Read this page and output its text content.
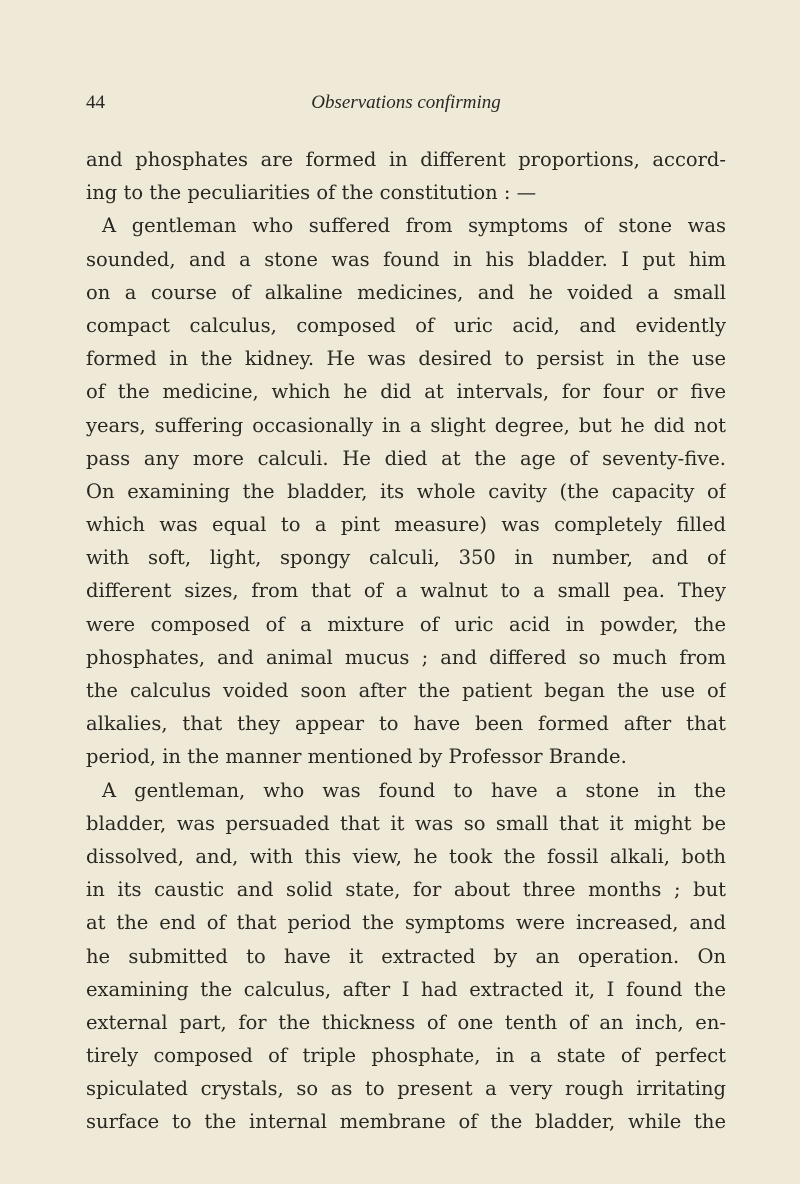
44	Observations confirming
and phosphates are formed in different proportions, accord-
ing to the peculiarities of the constitution : —
A gentleman who suffered from symptoms of stone was
sounded, and a stone was found in his bladder. I put him
on a course of alkaline medicines, and he voided a small
compact calculus, composed of uric acid, and evidently
formed in the kidney. He was desired to persist in the use
of the medicine, which he did at intervals, for four or five
years, suffering occasionally in a slight degree, but he did not
pass any more calculi. He died at the age of seventy-five.
On examining the bladder, its whole cavity (the capacity of
which was equal to a pint measure) was completely filled
with soft, light, spongy calculi, 350 in number, and of
different sizes, from that of a walnut to a small pea. They
were composed of a mixture of uric acid in powder, the
phosphates, and animal mucus ; and differed so much from
the calculus voided soon after the patient began the use of
alkalies, that they appear to have been formed after that
period, in the manner mentioned by Professor Brande.
A gentleman, who was found to have a stone in the
bladder, was persuaded that it was so small that it might be
dissolved, and, with this view, he took the fossil alkali, both
in its caustic and solid state, for about three months ; but
at the end of that period the symptoms were increased, and
he submitted to have it extracted by an operation. On
examining the calculus, after I had extracted it, I found the
external part, for the thickness of one tenth of an inch, en-
tirely composed of triple phosphate, in a state of perfect
spiculated crystals, so as to present a very rough irritating
surface to the internal membrane of the bladder, while the
